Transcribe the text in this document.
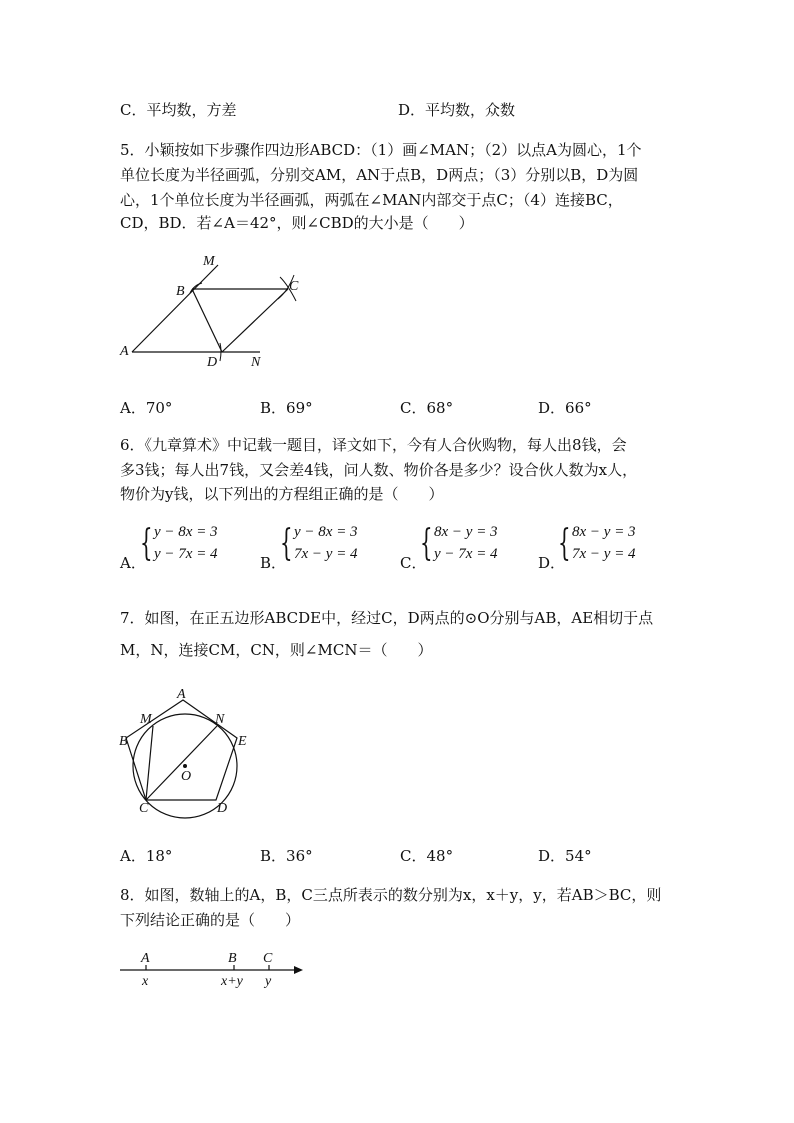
C．平均数，方差	D．平均数，众数
5．小颖按如下步骤作四边形ABCD：（1）画∠MAN；（2）以点A为圆心，1个
单位长度为半径画弧，分别交AM，AN于点B，D两点；（3）分别以B，D为圆
心，1个单位长度为半径画弧，两弧在∠MAN内部交于点C；（4）连接BC，
CD，BD．若∠A＝42°，则∠CBD的大小是（　　）
M
B	C
A
D N
A．70°	B．69°	C．68°	D．66°
6．《九章算术》中记载一题目，译文如下，今有人合伙购物，每人出8钱，会
多3钱；每人出7钱，又会差4钱，问人数、物价各是多少？设合伙人数为x人，
物价为y钱，以下列出的方程组正确的是（　　）
A．
{ y − 8x = 3
y − 7x = 4	B．
{ y − 8x = 3
7x − y = 4	C．
{ 8x − y = 3
y − 7x = 4	D．
{ 8x − y = 3
7x − y = 4
7．如图，在正五边形ABCDE中，经过C，D两点的⊙O分别与AB，AE相切于点
M，N，连接CM，CN，则∠MCN＝（　　）
A
M	N
B	E
O
C	D
A．18°	B．36°	C．48°	D．54°
8．如图，数轴上的A，B，C三点所表示的数分别为x，x＋y，y，若AB＞BC，则
下列结论正确的是（　　）
A	B C
x	x+y y
